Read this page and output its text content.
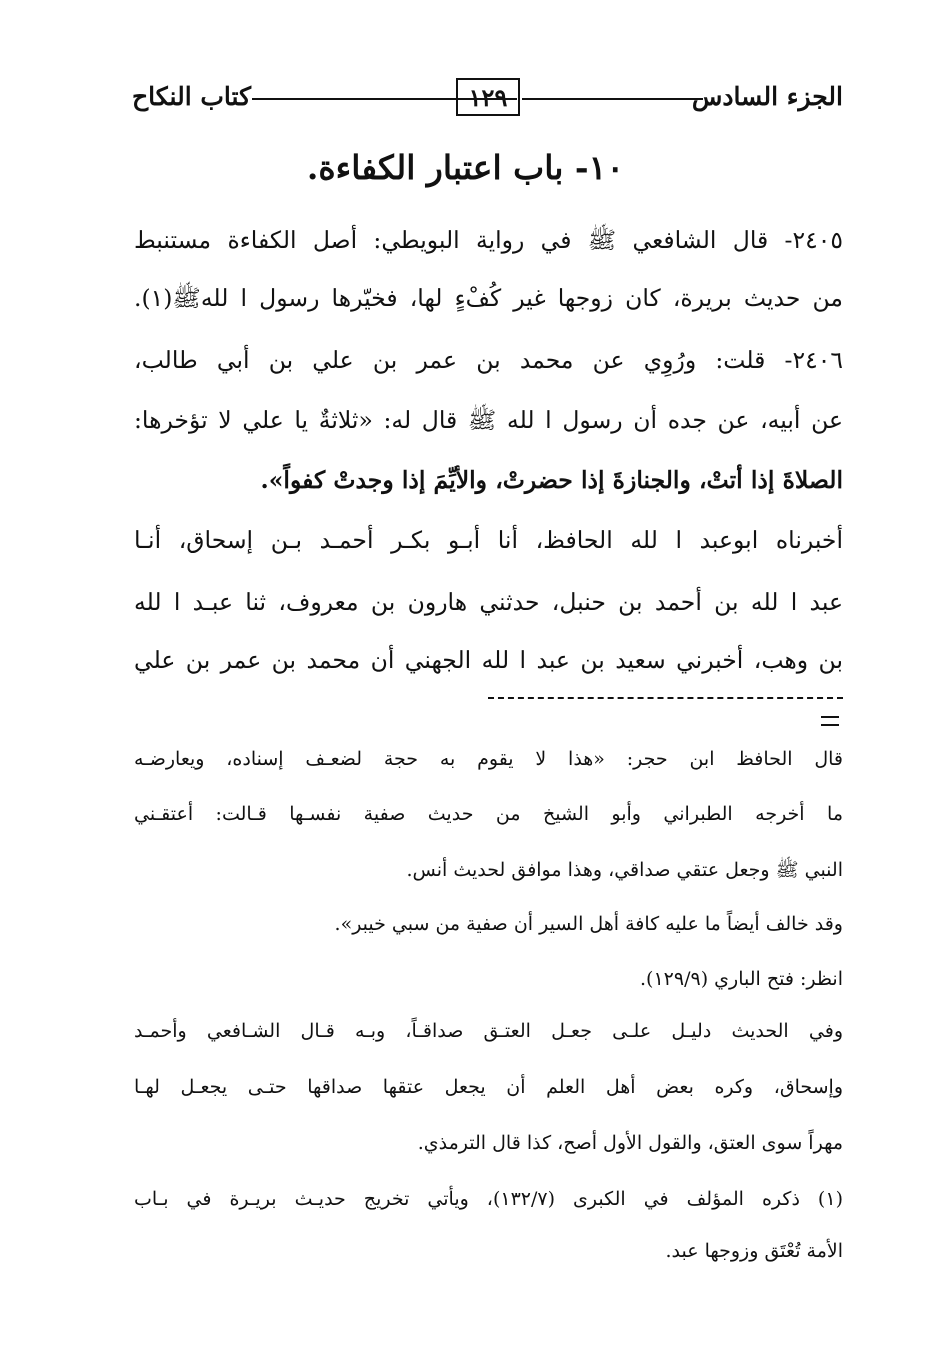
الجزء السادس
١٢٩
كتاب النكاح
١٠- باب اعتبار الكفاءة.
٢٤٠٥- قال الشافعي ﷺ في رواية البويطي: أصل الكفاءة مستنبط
من حديث بريرة، كان زوجها غير كُفْءٍ لها، فخيّرها رسول ا للهﷺ(١).
٢٤٠٦- قلت: ورُوِي عن محمد بن عمر بن علي بن أبي طالب،
عن أبيه، عن جده أن رسول ا لله ﷺ قال له: «ثلاثةٌ يا علي لا تؤخرها:
الصلاةَ إذا أتتْ، والجنازةَ إذا حضرتْ، والأيِّمَ إذا وجدتْ كفواً».
أخبرناه ابوعبد ا لله الحافظ، أنا أبـو بكـر أحمـد بـن إسحاق، أنـا
عبد ا لله بن أحمد بن حنبل، حدثني هارون بن معروف، ثنا عبـد ا لله
بن وهب، أخبرني سعيد بن عبد ا لله الجهني أن محمد بن عمر بن علي
قال الحافظ ابن حجر: «هذا لا يقوم به حجة لضعـف إسناده، ويعارضـه
ما أخرجه الطبراني وأبو الشيخ من حديث صفية نفسـها قـالت: أعتقـني
النبي ﷺ وجعل عتقي صداقي، وهذا موافق لحديث أنس.
وقد خالف أيضاً ما عليه كافة أهل السير أن صفية من سبي خيبر».
انظر: فتح الباري (١٢٩/٩).
وفي الحديث دليـل علـى جعـل العتـق صداقـاً، وبـه قـال الشـافعي وأحمـد
وإسحاق، وكره بعض أهل العلم أن يجعل عتقها صداقها حتـى يجعـل لهـا
مهراً سوى العتق، والقول الأول أصح، كذا قال الترمذي.
(١) ذكره المؤلف في الكبرى (١٣٢/٧)، ويأتي تخريج حديـث بريـرة في بـاب
الأمة تُعْتَق وزوجها عبد.
